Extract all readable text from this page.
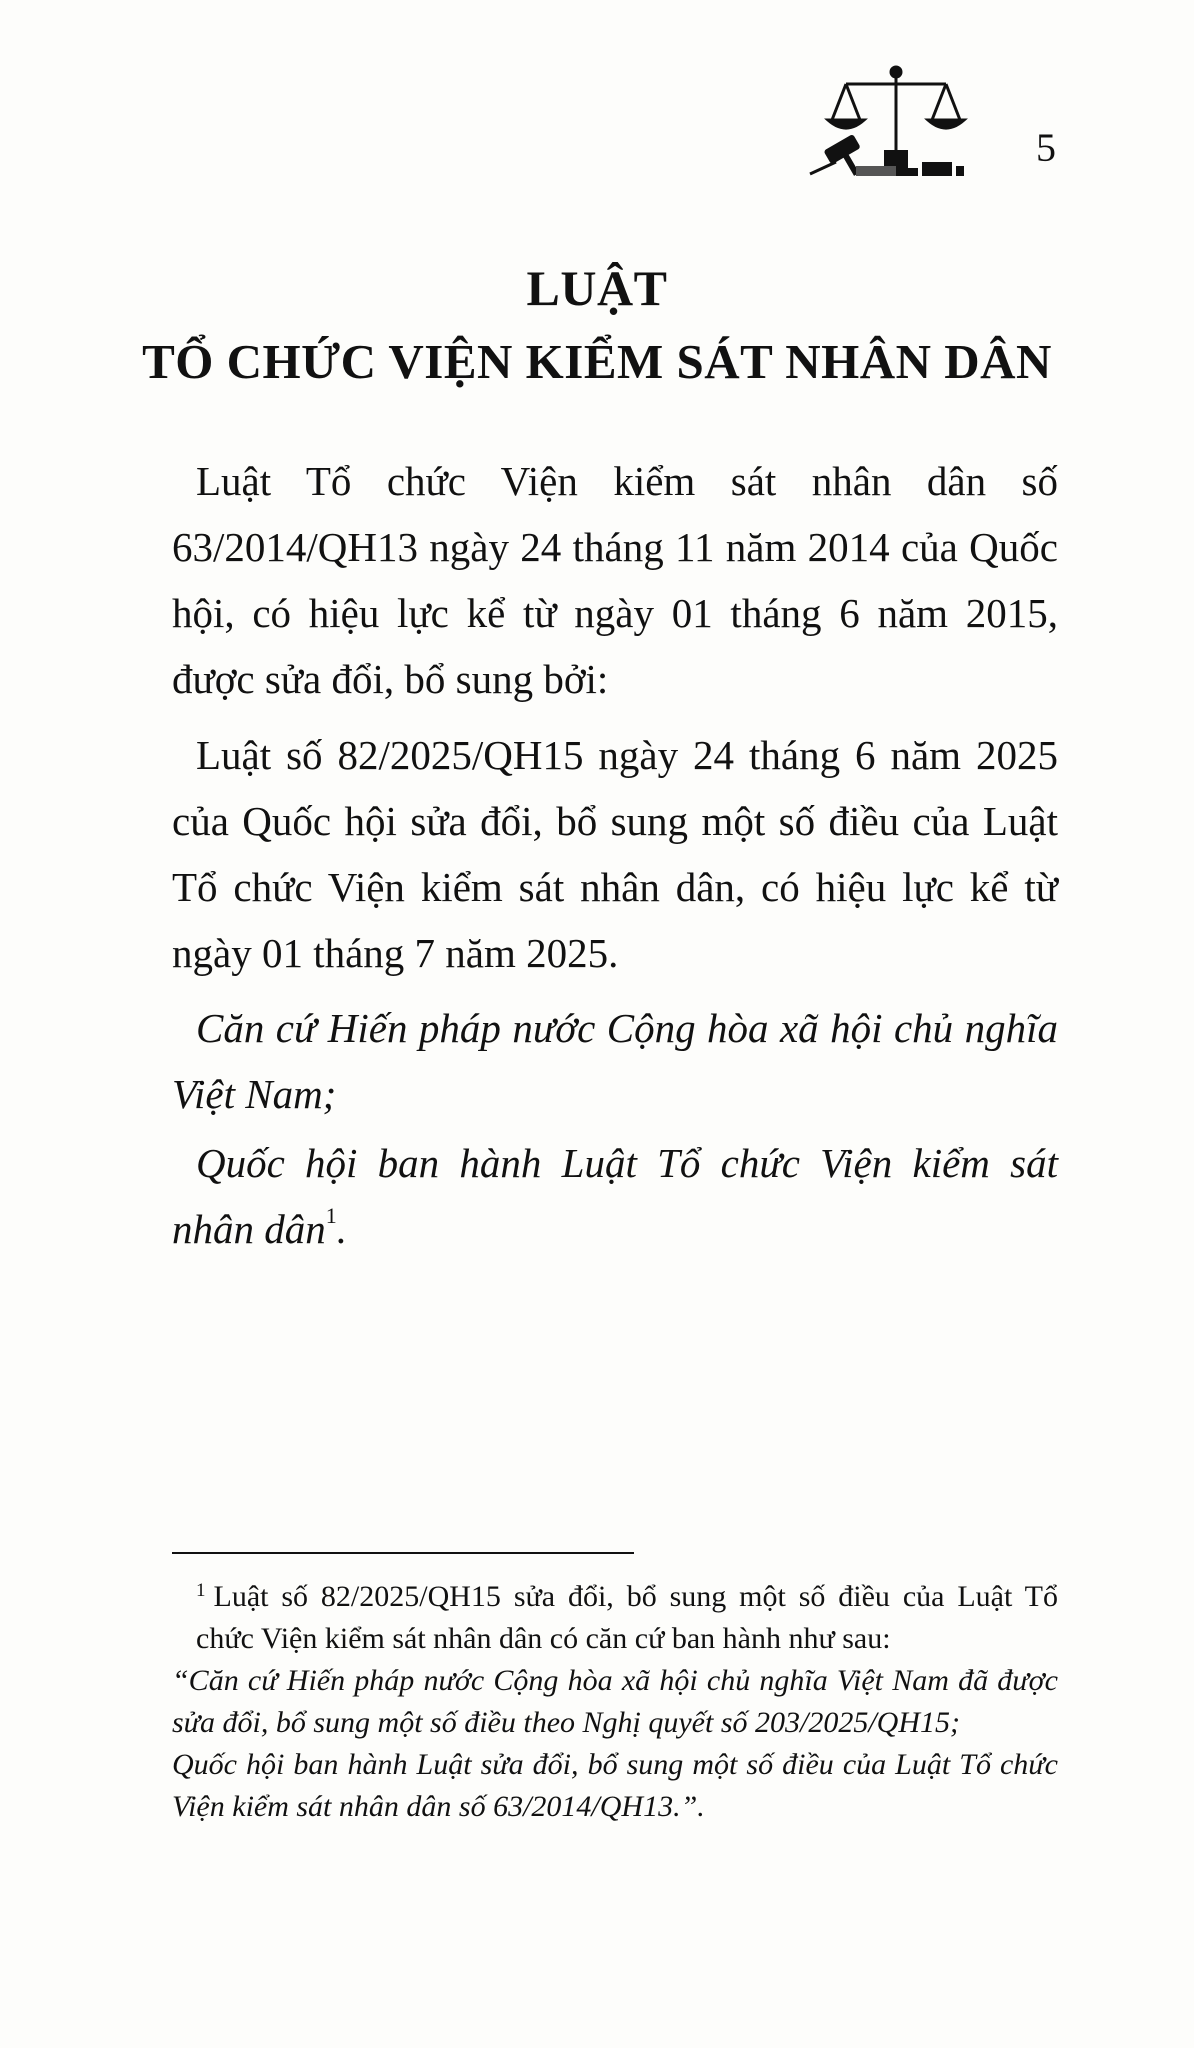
5
LUẬT
TỔ CHỨC VIỆN KIỂM SÁT NHÂN DÂN

Luật Tổ chức Viện kiểm sát nhân dân số 63/2014/QH13 ngày 24 tháng 11 năm 2014 của Quốc hội, có hiệu lực kể từ ngày 01 tháng 6 năm 2015, được sửa đổi, bổ sung bởi:

Luật số 82/2025/QH15 ngày 24 tháng 6 năm 2025 của Quốc hội sửa đổi, bổ sung một số điều của Luật Tổ chức Viện kiểm sát nhân dân, có hiệu lực kể từ ngày 01 tháng 7 năm 2025.

Căn cứ Hiến pháp nước Cộng hòa xã hội chủ nghĩa Việt Nam;

Quốc hội ban hành Luật Tổ chức Viện kiểm sát nhân dân$^1$.

$^1$ Luật số 82/2025/QH15 sửa đổi, bổ sung một số điều của Luật Tổ chức Viện kiểm sát nhân dân có căn cứ ban hành như sau:
“Căn cứ Hiến pháp nước Cộng hòa xã hội chủ nghĩa Việt Nam đã được sửa đổi, bổ sung một số điều theo Nghị quyết số 203/2025/QH15;
Quốc hội ban hành Luật sửa đổi, bổ sung một số điều của Luật Tổ chức Viện kiểm sát nhân dân số 63/2014/QH13.”.
